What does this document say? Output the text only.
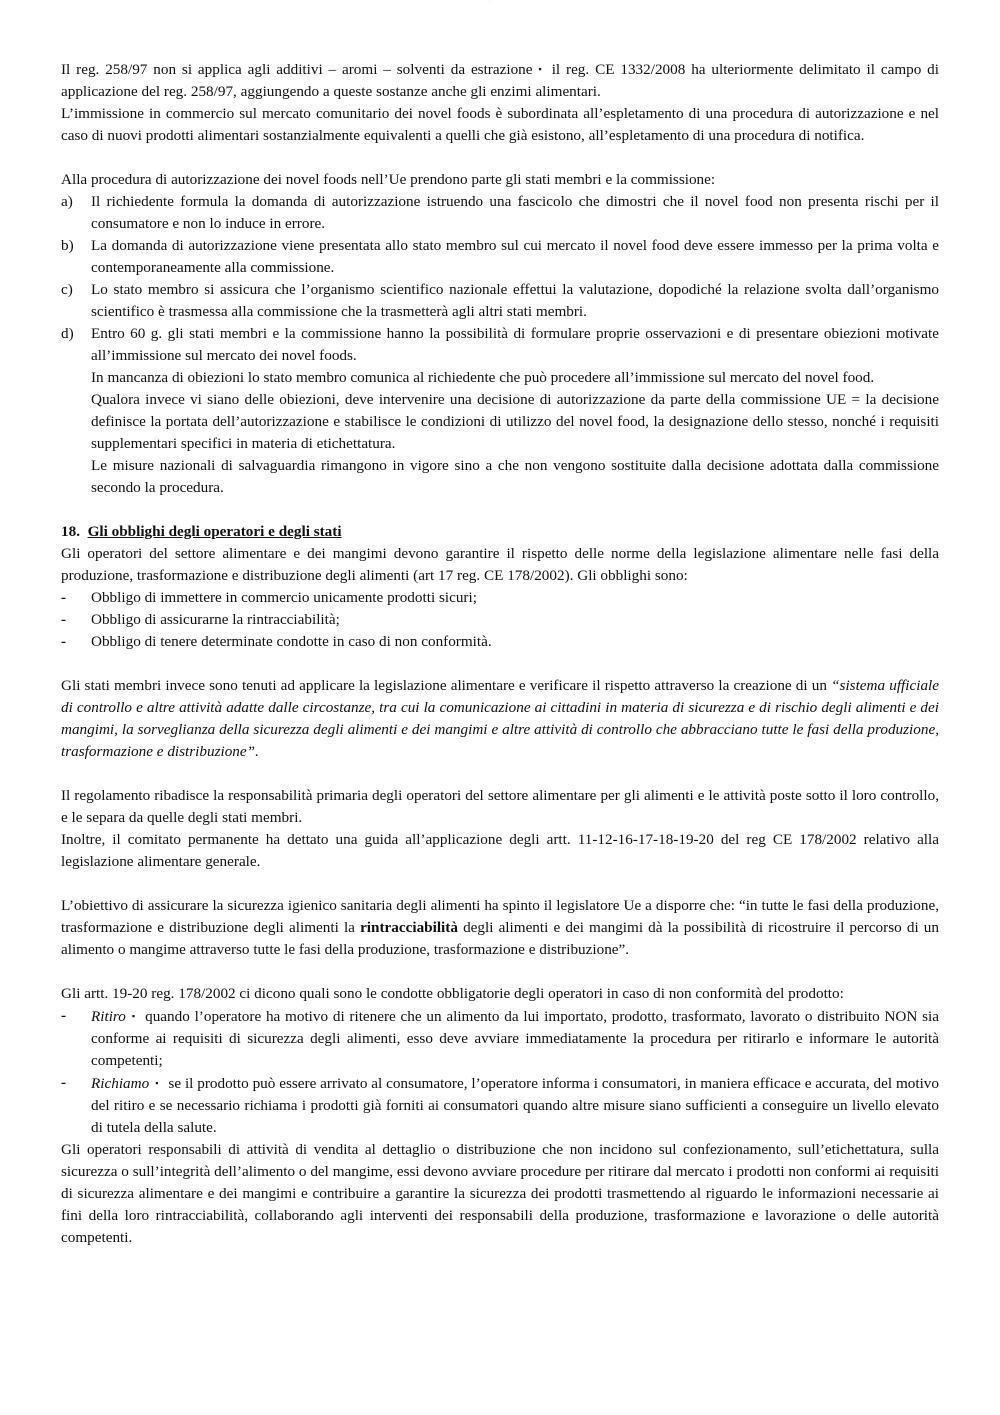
·····

Il reg. 258/97 non si applica agli additivi – aromi – solventi da estrazione ▪ il reg. CE 1332/2008 ha ulteriormente delimitato il campo di applicazione del reg. 258/97, aggiungendo a queste sostanze anche gli enzimi alimentari.

L’immissione in commercio sul mercato comunitario dei novel foods è subordinata all’espletamento di una procedura di autorizzazione e nel caso di nuovi prodotti alimentari sostanzialmente equivalenti a quelli che già esistono, all’espletamento di una procedura di notifica.

Alla procedura di autorizzazione dei novel foods nell’Ue prendono parte gli stati membri e la commissione:

a) Il richiedente formula la domanda di autorizzazione istruendo una fascicolo che dimostri che il novel food non presenta rischi per il consumatore e non lo induce in errore.
b) La domanda di autorizzazione viene presentata allo stato membro sul cui mercato il novel food deve essere immesso per la prima volta e contemporaneamente alla commissione.
c) Lo stato membro si assicura che l’organismo scientifico nazionale effettui la valutazione, dopodiché la relazione svolta dall’organismo scientifico è trasmessa alla commissione che la trasmetterà agli altri stati membri.
d) Entro 60 g. gli stati membri e la commissione hanno la possibilità di formulare proprie osservazioni e di presentare obiezioni motivate all’immissione sul mercato dei novel foods.

In mancanza di obiezioni lo stato membro comunica al richiedente che può procedere all’immissione sul mercato del novel food.

Qualora invece vi siano delle obiezioni, deve intervenire una decisione di autorizzazione da parte della commissione UE = la decisione definisce la portata dell’autorizzazione e stabilisce le condizioni di utilizzo del novel food, la designazione dello stesso, nonché i requisiti supplementari specifici in materia di etichettatura.

Le misure nazionali di salvaguardia rimangono in vigore sino a che non vengono sostituite dalla decisione adottata dalla commissione secondo la procedura.

18. Gli obblighi degli operatori e degli stati

Gli operatori del settore alimentare e dei mangimi devono garantire il rispetto delle norme della legislazione alimentare nelle fasi della produzione, trasformazione e distribuzione degli alimenti (art 17 reg. CE 178/2002). Gli obblighi sono:

- Obbligo di immettere in commercio unicamente prodotti sicuri;
- Obbligo di assicurarne la rintracciabilità;
- Obbligo di tenere determinate condotte in caso di non conformità.

Gli stati membri invece sono tenuti ad applicare la legislazione alimentare e verificare il rispetto attraverso la creazione di un “sistema ufficiale di controllo e altre attività adatte dalle circostanze, tra cui la comunicazione ai cittadini in materia di sicurezza e di rischio degli alimenti e dei mangimi, la sorveglianza della sicurezza degli alimenti e dei mangimi e altre attività di controllo che abbracciano tutte le fasi della produzione, trasformazione e distribuzione”.

Il regolamento ribadisce la responsabilità primaria degli operatori del settore alimentare per gli alimenti e le attività poste sotto il loro controllo, e le separa da quelle degli stati membri.

Inoltre, il comitato permanente ha dettato una guida all’applicazione degli artt. 11-12-16-17-18-19-20 del reg CE 178/2002 relativo alla legislazione alimentare generale.

L’obiettivo di assicurare la sicurezza igienico sanitaria degli alimenti ha spinto il legislatore Ue a disporre che: “in tutte le fasi della produzione, trasformazione e distribuzione degli alimenti la rintracciabilità degli alimenti e dei mangimi dà la possibilità di ricostruire il percorso di un alimento o mangime attraverso tutte le fasi della produzione, trasformazione e distribuzione”.

Gli artt. 19-20 reg. 178/2002 ci dicono quali sono le condotte obbligatorie degli operatori in caso di non conformità del prodotto:

- Ritiro ▪ quando l’operatore ha motivo di ritenere che un alimento da lui importato, prodotto, trasformato, lavorato o distribuito NON sia conforme ai requisiti di sicurezza degli alimenti, esso deve avviare immediatamente la procedura per ritirarlo e informare le autorità competenti;
- Richiamo ▪ se il prodotto può essere arrivato al consumatore, l’operatore informa i consumatori, in maniera efficace e accurata, del motivo del ritiro e se necessario richiama i prodotti già forniti ai consumatori quando altre misure siano sufficienti a conseguire un livello elevato di tutela della salute.

Gli operatori responsabili di attività di vendita al dettaglio o distribuzione che non incidono sul confezionamento, sull’etichettatura, sulla sicurezza o sull’integrità dell’alimento o del mangime, essi devono avviare procedure per ritirare dal mercato i prodotti non conformi ai requisiti di sicurezza alimentare e dei mangimi e contribuire a garantire la sicurezza dei prodotti trasmettendo al riguardo le informazioni necessarie ai fini della loro rintracciabilità, collaborando agli interventi dei responsabili della produzione, trasformazione e lavorazione o delle autorità competenti.
